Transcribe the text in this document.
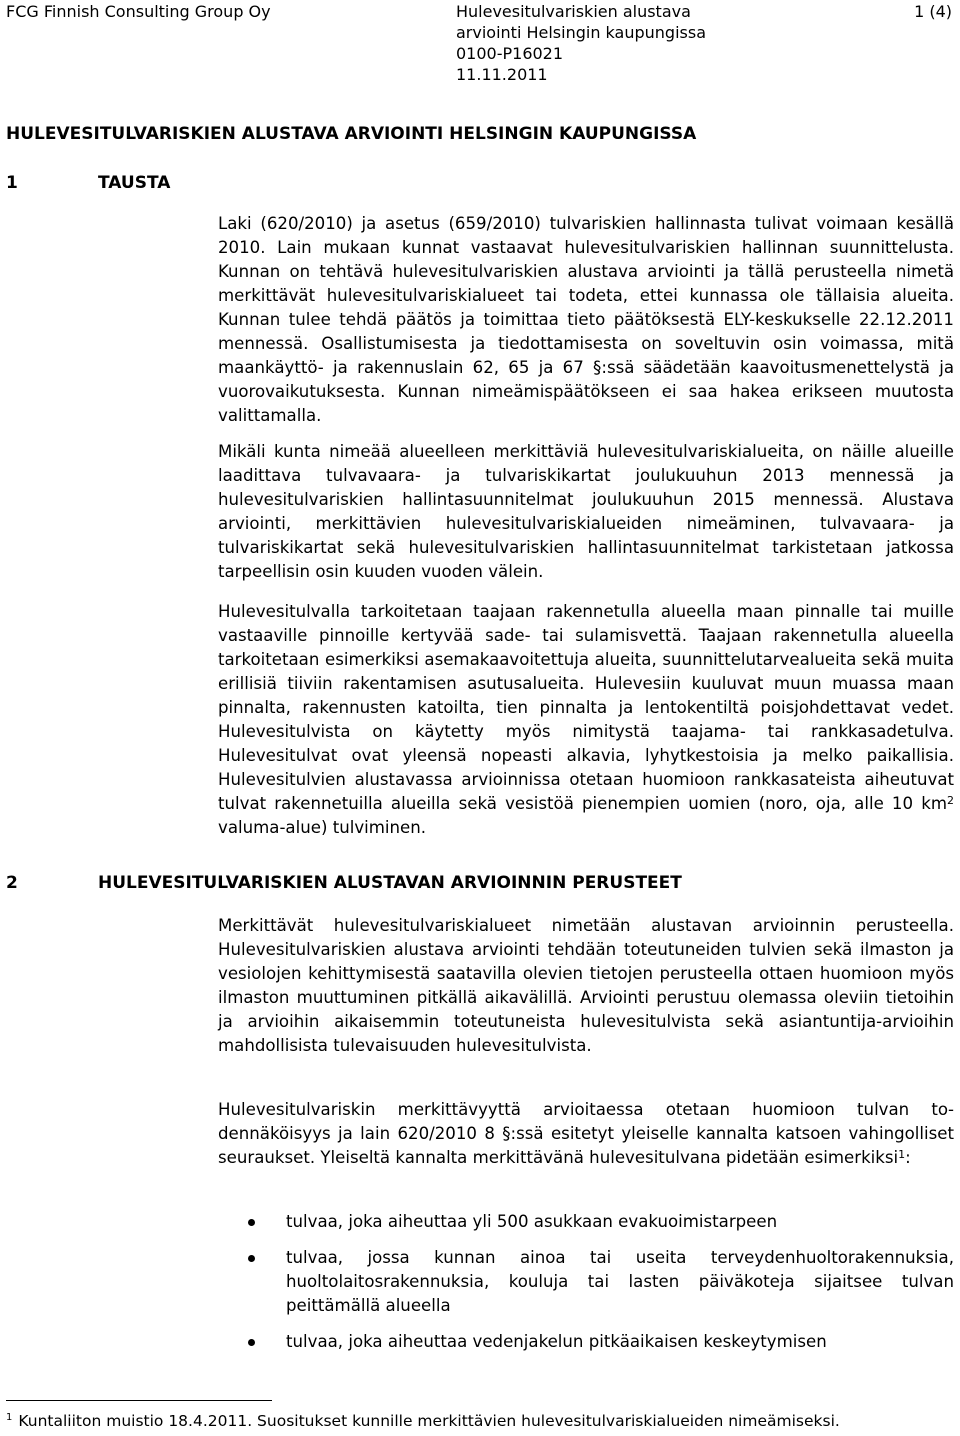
FCG Finnish Consulting Group Oy	Hulevesitulvariskien alustava
arviointi Helsingin kaupungissa
0100-P16021
11.11.2011
1 (4)
HULEVESITULVARISKIEN ALUSTAVA ARVIOINTI HELSINGIN KAUPUNGISSA
1	TAUSTA

Laki (620/2010) ja asetus (659/2010) tulvariskien hallinnasta tulivat voimaan kesällä 2010. Lain mukaan kunnat vastaavat hulevesitulvariskien hallinnan suunnittelusta. Kunnan on tehtävä hulevesitulvariskien alustava arviointi ja tällä perusteella nimetä merkittävät hulevesitulvariskialueet tai todeta, ettei kunnassa ole tällaisia alueita. Kunnan tulee tehdä päätös ja toimittaa tieto päätöksestä ELY-keskukselle 22.12.2011 mennessä. Osallistumisesta ja tiedottamisesta on soveltuvin osin voimassa, mitä maankäyttö- ja rakennuslain 62, 65 ja 67 §:ssä säädetään kaavoitusmenettelystä ja vuorovaikutuksesta. Kunnan nimeämispäätökseen ei saa hakea erikseen muutosta valittamalla.

Mikäli kunta nimeää alueelleen merkittäviä hulevesitulvariskialueita, on näille alueille laadittava tulvavaara- ja tulvariskikartat joulukuuhun 2013 mennessä ja hulevesitulvariskien hallintasuunnitelmat joulukuuhun 2015 mennessä. Alustava arviointi, merkittävien hulevesitulvariskialueiden nimeäminen, tulvavaara- ja tulvariskikartat sekä hulevesitulvariskien hallintasuunnitelmat tarkistetaan jatkossa tarpeellisin osin kuuden vuoden välein.

Hulevesitulvalla tarkoitetaan taajaan rakennetulla alueella maan pinnalle tai muille vastaaville pinnoille kertyvää sade- tai sulamisvettä. Taajaan rakennetulla alueella tarkoitetaan esimerkiksi asemakaavoitettuja alueita, suunnittelutarvealueita sekä muita erillisiä tiiviin rakentamisen asutusalueita. Hulevesiin kuuluvat muun muassa maan pinnalta, rakennusten katoilta, tien pinnalta ja lentokentiltä poisjohdettavat vedet. Hulevesitulvista on käytetty myös nimitystä taajama- tai rankkasadetulva. Hulevesitulvat ovat yleensä nopeasti alkavia, lyhytkestoisia ja melko paikallisia. Hulevesitulvien alustavassa arvioinnissa otetaan huomioon rankkasateista aiheutuvat tulvat rakennetuilla alueilla sekä vesistöä pienempien uomien (noro, oja, alle 10 $km^2$ valuma-alue) tulviminen.

2	HULEVESITULVARISKIEN ALUSTAVAN ARVIOINNIN PERUSTEET

Merkittävät hulevesitulvariskialueet nimetään alustavan arvioinnin perusteella. Hulevesitulvariskien alustava arviointi tehdään toteutuneiden tulvien sekä ilmaston ja vesiolojen kehittymisestä saatavilla olevien tietojen perusteella ottaen huomioon myös ilmaston muuttuminen pitkällä aikavälillä. Arviointi perustuu olemassa oleviin tietoihin ja arvioihin aikaisemmin toteutuneista hulevesitulvista sekä asiantuntija-arvioihin mahdollisista tulevaisuuden hulevesitulvista.

Hulevesitulvariskin merkittävyyttä arvioitaessa otetaan huomioon tulvan todennäköisyys ja lain 620/2010 8 §:ssä esitetyt yleiselle kannalta katsoen vahingolliset seuraukset. Yleiseltä kannalta merkittävänä hulevesitulvana pidetään esimerkiksi$^1$:

tulvaa, joka aiheuttaa yli 500 asukkaan evakuoimistarpeen
tulvaa, jossa kunnan ainoa tai useita terveydenhuoltorakennuksia, huoltolaitosrakennuksia, kouluja tai lasten päiväkoteja sijaitsee tulvan peittämällä alueella
tulvaa, joka aiheuttaa vedenjakelun pitkäaikaisen keskeytymisen
$^1$ Kuntaliiton muistio 18.4.2011. Suositukset kunnille merkittävien hulevesitulvariskialueiden nimeämiseksi.
